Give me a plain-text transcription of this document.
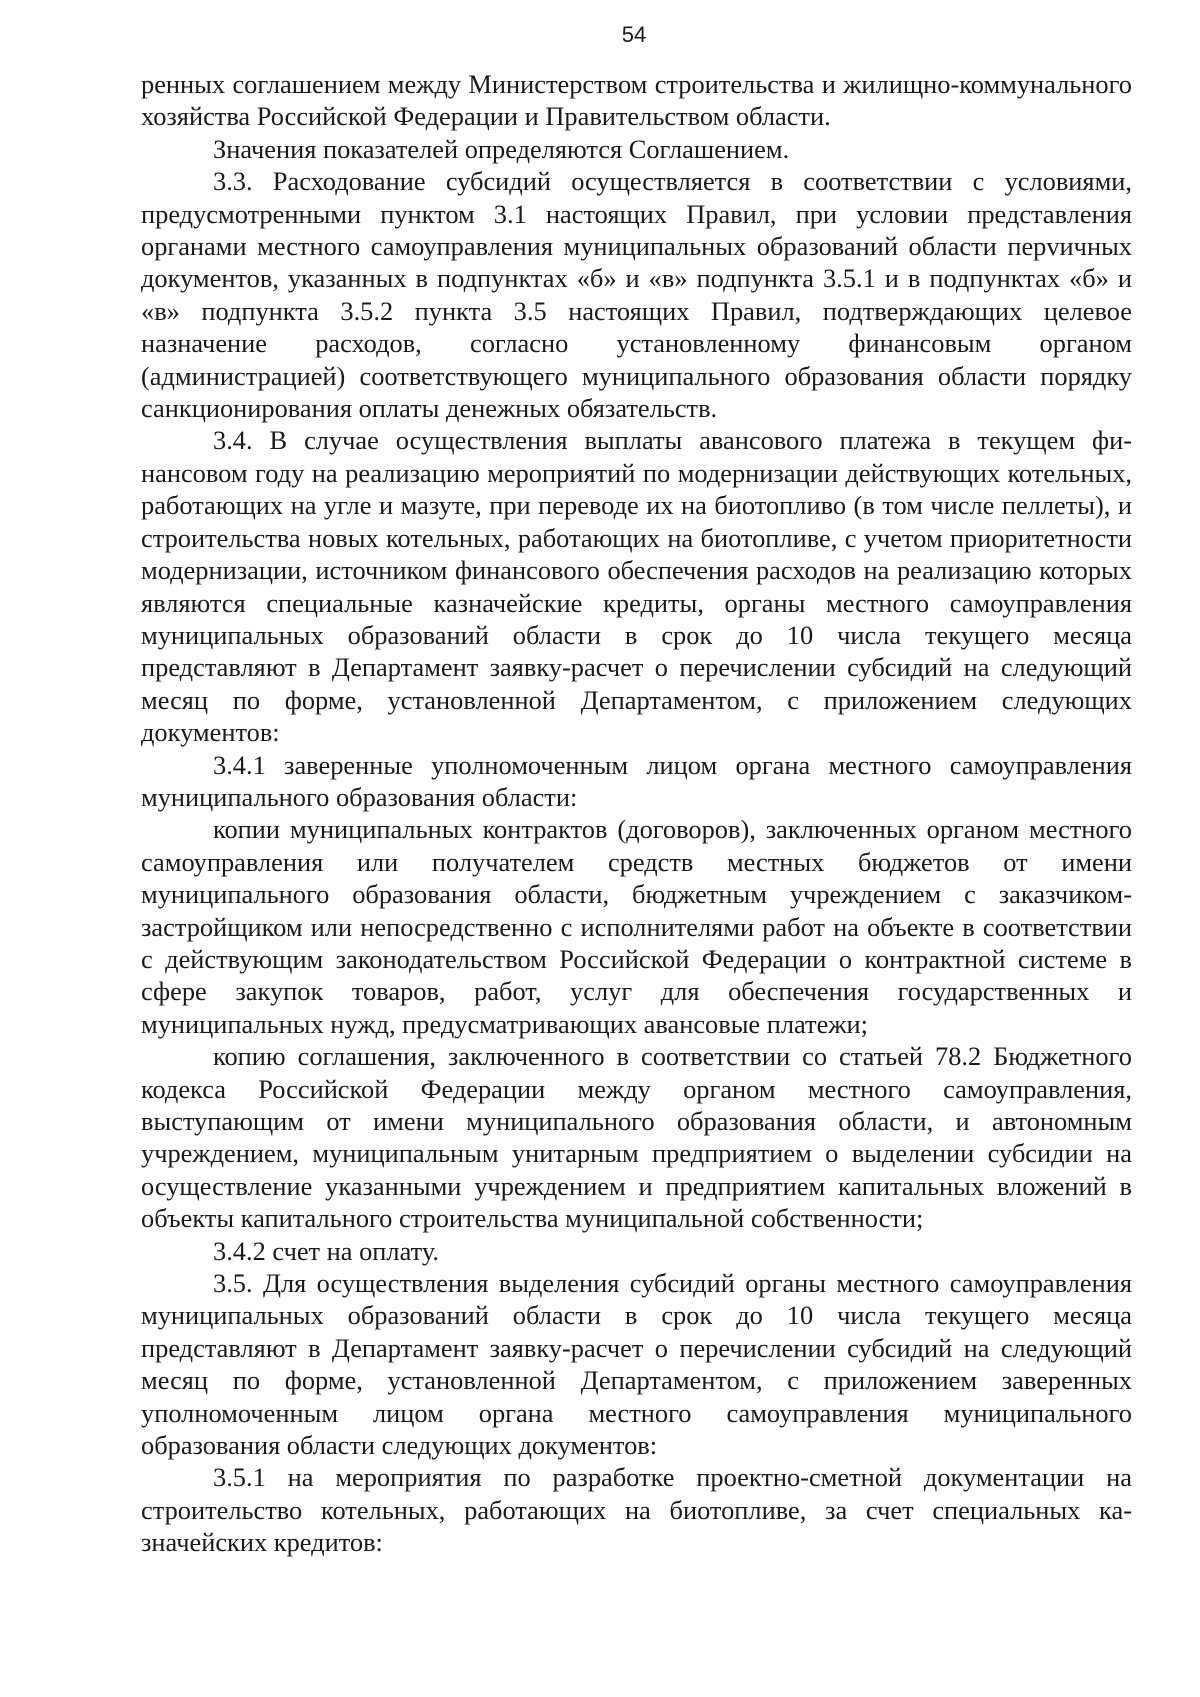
54

ренных соглашением между Министерством строительства и жилищно-коммунального хозяйства Российской Федерации и Правительством области.

Значения показателей определяются Соглашением.

3.3. Расходование субсидий осуществляется в соответствии с условиями, предусмотренными пунктом 3.1 настоящих Правил, при условии представления органами местного самоуправления муниципальных образований области перvичных документов, указанных в подпунктах «б» и «в» подпункта 3.5.1 и в подпунктах «б» и «в» подпункта 3.5.2 пункта 3.5 настоящих Правил, подтверждающих целевое назначение расходов, согласно установленному финансовым органом (администрацией) соответствующего муниципального образования области порядку санкционирования оплаты денежных обязательств.

3.4. В случае осуществления выплаты авансового платежа в текущем финансовом году на реализацию мероприятий по модернизации действующих котельных, работающих на угле и мазуте, при переводе их на биотопливо (в том числе пеллеты), и строительства новых котельных, работающих на биотопливе, с учетом приоритетности модернизации, источником финансового обеспечения расходов на реализацию которых являются специальные казначейские кредиты, органы местного самоуправления муниципальных образований области в срок до 10 числа текущего месяца представляют в Департамент заявку-расчет о перечислении субсидий на следующий месяц по форме, установленной Департаментом, с приложением следующих документов:

3.4.1 заверенные уполномоченным лицом органа местного самоуправления муниципального образования области:

копии муниципальных контрактов (договоров), заключенных органом местного самоуправления или получателем средств местных бюджетов от имени муниципального образования области, бюджетным учреждением с заказчиком-застройщиком или непосредственно с исполнителями работ на объекте в соответствии с действующим законодательством Российской Федерации о контрактной системе в сфере закупок товаров, работ, услуг для обеспечения государственных и муниципальных нужд, предусматривающих авансовые платежи;

копию соглашения, заключенного в соответствии со статьей 78.2 Бюджетного кодекса Российской Федерации между органом местного самоуправления, выступающим от имени муниципального образования области, и автономным учреждением, муниципальным унитарным предприятием о выделении субсидии на осуществление указанными учреждением и предприятием капитальных вложений в объекты капитального строительства муниципальной собственности;

3.4.2 счет на оплату.

3.5. Для осуществления выделения субсидий органы местного самоуправления муниципальных образований области в срок до 10 числа текущего месяца представляют в Департамент заявку-расчет о перечислении субсидий на следующий месяц по форме, установленной Департаментом, с приложением заверенных уполномоченным лицом органа местного самоуправления муниципального образования области следующих документов:

3.5.1 на мероприятия по разработке проектно-сметной документации на строительство котельных, работающих на биотопливе, за счет специальных казначейских кредитов:
